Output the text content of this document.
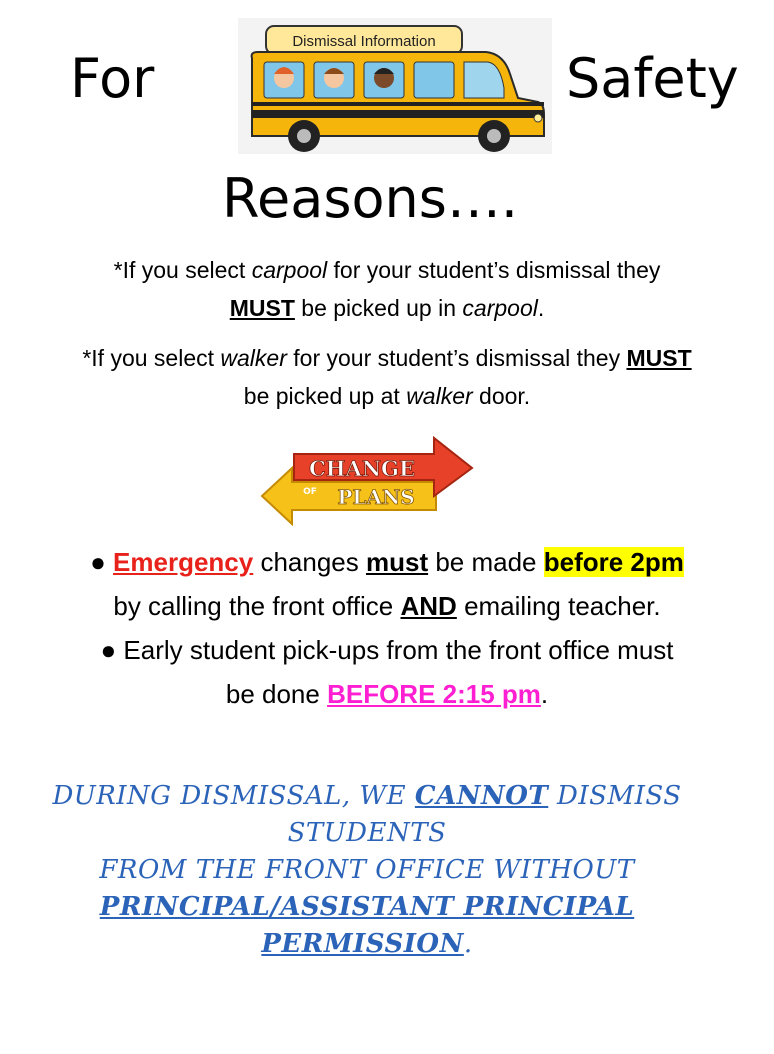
For	Safety
Dismissal Information
Reasons….
*If you select carpool for your student’s dismissal they
MUST be picked up in carpool.
*If you select walker for your student’s dismissal they MUST
be picked up at walker door.
CHANGE
OF PLANS
● Emergency changes must be made before 2pm
by calling the front office AND emailing teacher.
● Early student pick-ups from the front office must
be done BEFORE 2:15 pm.
DURING DISMISSAL, WE CANNOT DISMISS STUDENTS
FROM THE FRONT OFFICE WITHOUT
PRINCIPAL/ASSISTANT PRINCIPAL PERMISSION.
